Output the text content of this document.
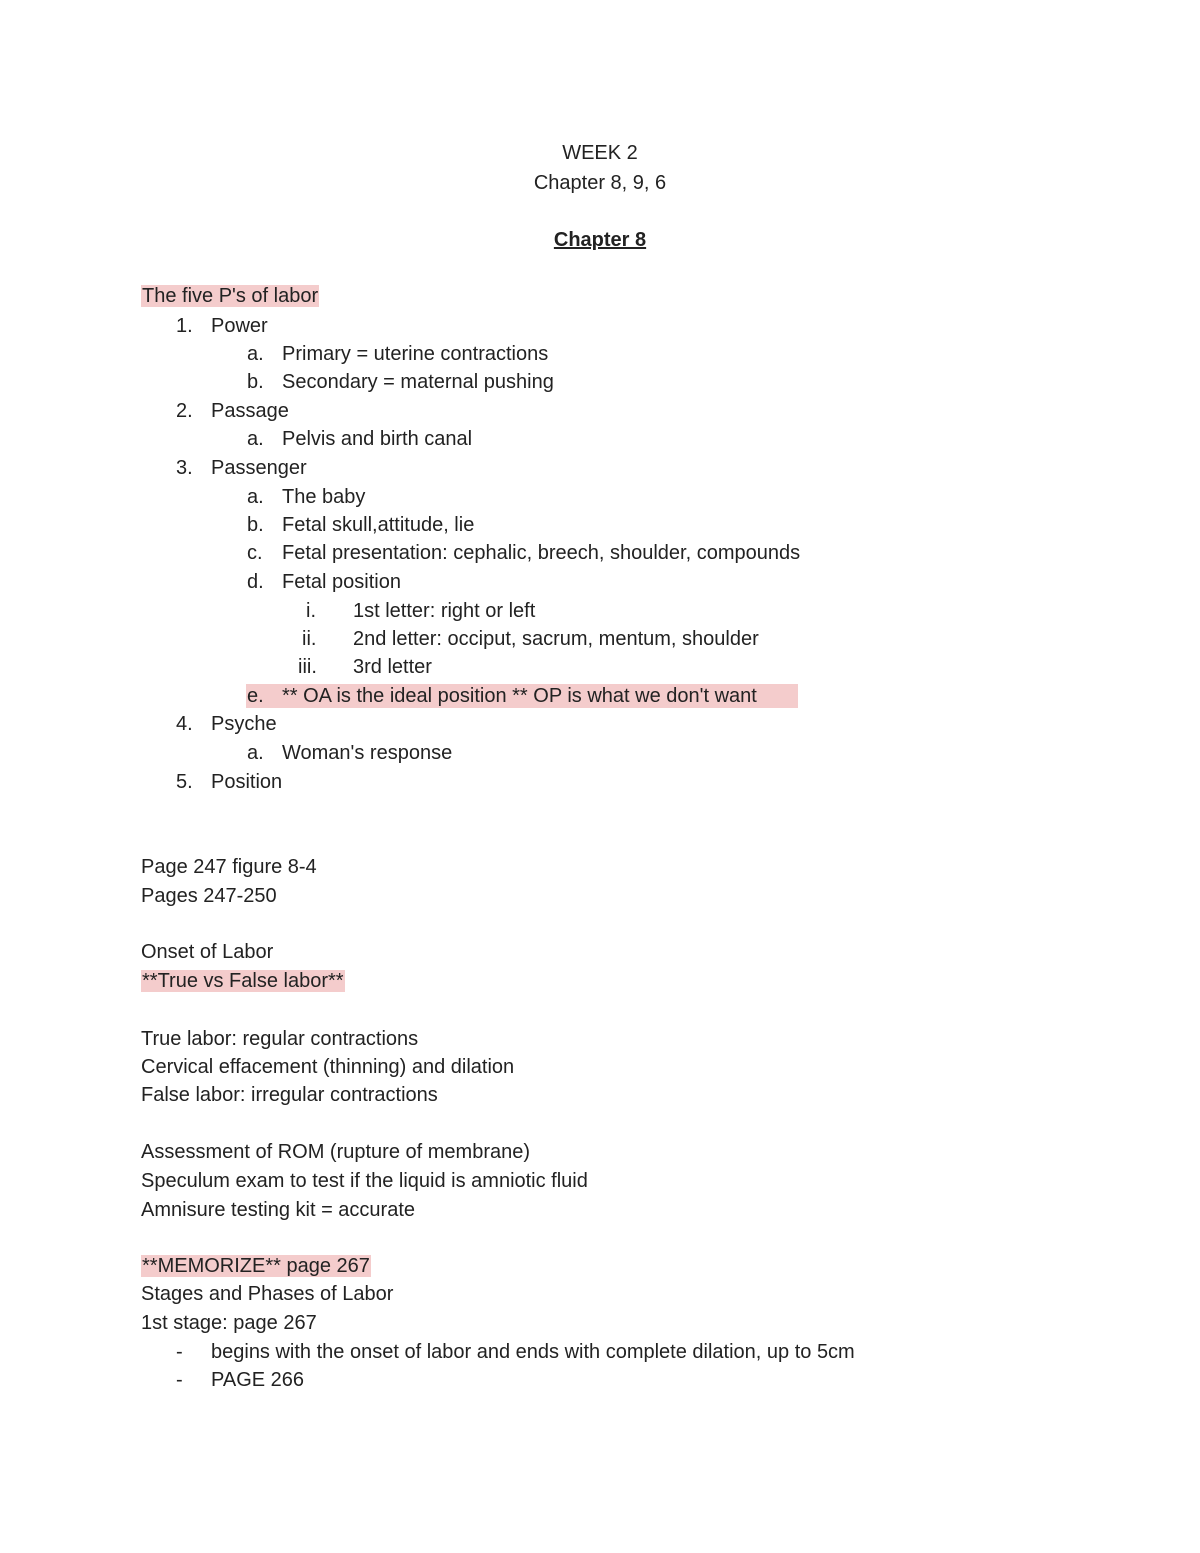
WEEK 2
Chapter 8, 9, 6
Chapter 8
The five P's of labor
1. Power
a. Primary = uterine contractions
b. Secondary = maternal pushing
2. Passage
a. Pelvis and birth canal
3. Passenger
a. The baby
b. Fetal skull,attitude, lie
c. Fetal presentation: cephalic, breech, shoulder, compounds
d. Fetal position
i. 1st letter: right or left
ii. 2nd letter: occiput, sacrum, mentum, shoulder
iii. 3rd letter
e. ** OA is the ideal position ** OP is what we don't want
4. Psyche
a. Woman's response
5. Position
Page 247 figure 8-4
Pages 247-250
Onset of Labor
**True vs False labor**
True labor: regular contractions
Cervical effacement (thinning) and dilation
False labor: irregular contractions
Assessment of ROM (rupture of membrane)
Speculum exam to test if the liquid is amniotic fluid
Amnisure testing kit = accurate
**MEMORIZE** page 267
Stages and Phases of Labor
1st stage: page 267
- begins with the onset of labor and ends with complete dilation, up to 5cm
- PAGE 266
